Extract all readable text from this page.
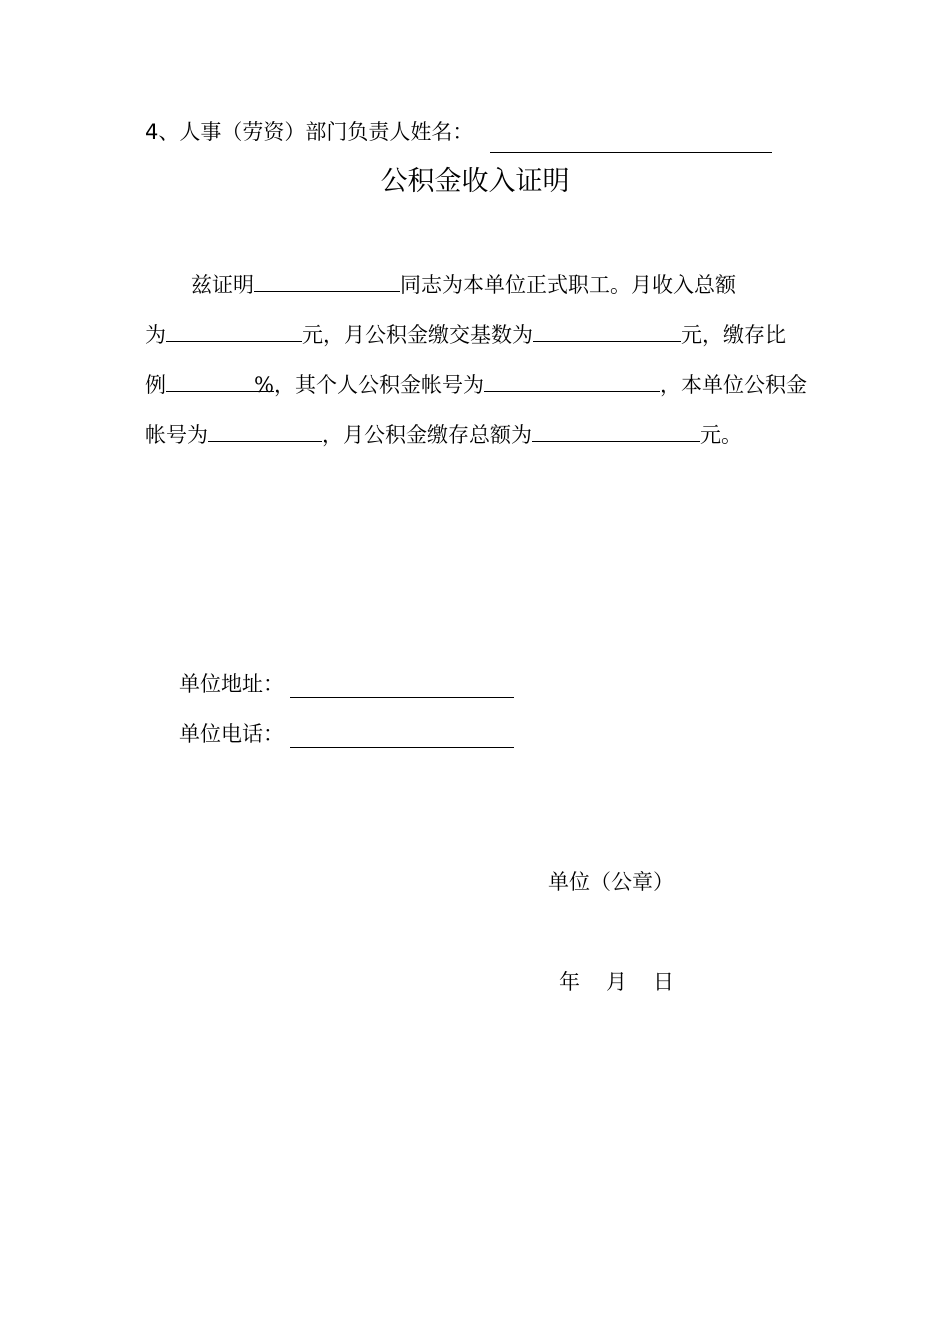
4、人事（劳资）部门负责人姓名：
公积金收入证明
兹证明	同志为本单位正式职工。月收入总额
为	元，月公积金缴交基数为	元，缴存比
例	%，其个人公积金帐号为	，本单位公积金
帐号为	，月公积金缴存总额为	元。
单位地址：
单位电话：
单位（公章）
年 月 日
